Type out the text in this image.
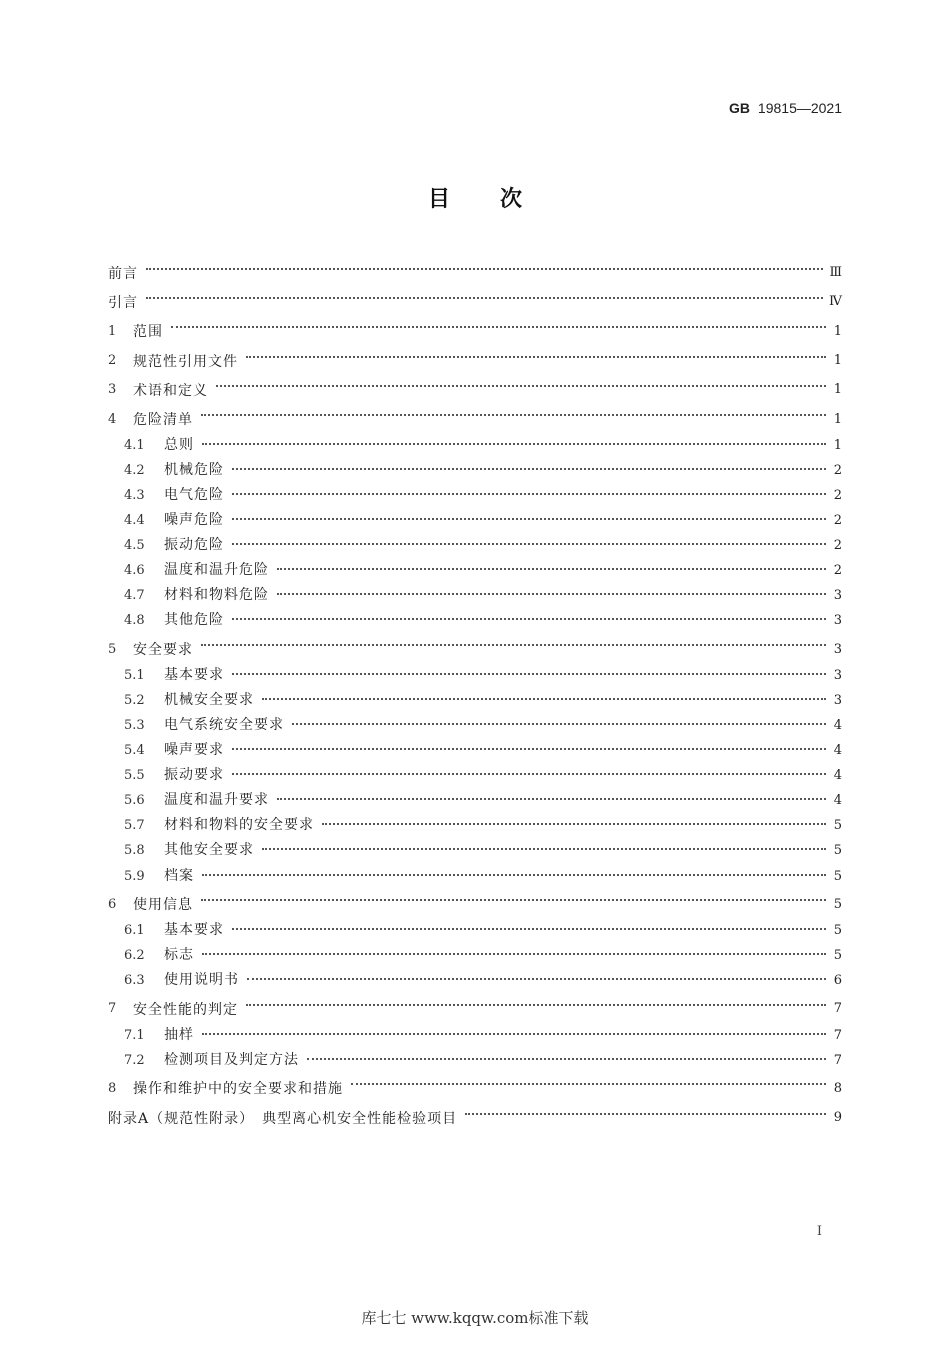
GB 19815—2021
目次
前言	Ⅲ
引言	Ⅳ
1	范围	1
2	规范性引用文件	1
3	术语和定义	1
4	危险清单	1
4.1	总则	1
4.2	机械危险	2
4.3	电气危险	2
4.4	噪声危险	2
4.5	振动危险	2
4.6	温度和温升危险	2
4.7	材料和物料危险	3
4.8	其他危险	3
5	安全要求	3
5.1	基本要求	3
5.2	机械安全要求	3
5.3	电气系统安全要求	4
5.4	噪声要求	4
5.5	振动要求	4
5.6	温度和温升要求	4
5.7	材料和物料的安全要求	5
5.8	其他安全要求	5
5.9	档案	5
6	使用信息	5
6.1	基本要求	5
6.2	标志	5
6.3	使用说明书	6
7	安全性能的判定	7
7.1	抽样	7
7.2	检测项目及判定方法	7
8	操作和维护中的安全要求和措施	8
附录A（规范性附录）　典型离心机安全性能检验项目	9
I
库七七 www.kqqw.com标准下载
